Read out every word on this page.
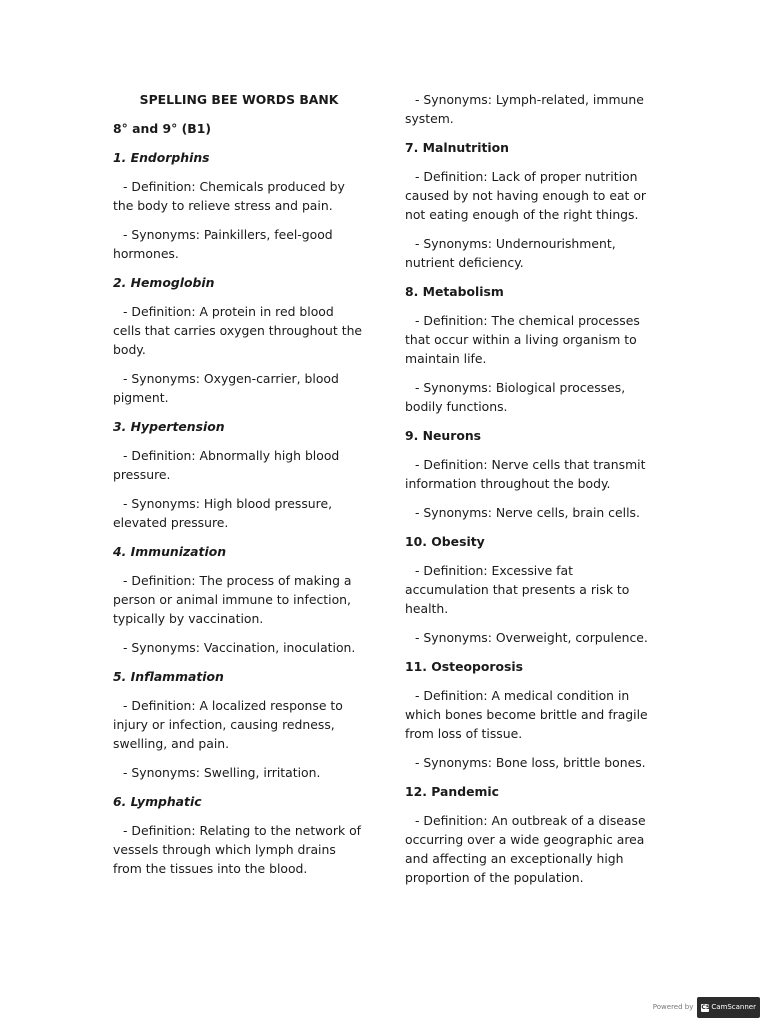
SPELLING BEE WORDS BANK
8° and 9° (B1)
1. Endorphins
- Definition: Chemicals produced by the body to relieve stress and pain.
- Synonyms: Painkillers, feel-good hormones.
2. Hemoglobin
- Definition: A protein in red blood cells that carries oxygen throughout the body.
- Synonyms: Oxygen-carrier, blood pigment.
3. Hypertension
- Definition: Abnormally high blood pressure.
- Synonyms: High blood pressure, elevated pressure.
4. Immunization
- Definition: The process of making a person or animal immune to infection, typically by vaccination.
- Synonyms: Vaccination, inoculation.
5. Inflammation
- Definition: A localized response to injury or infection, causing redness, swelling, and pain.
- Synonyms: Swelling, irritation.
6. Lymphatic
- Definition: Relating to the network of vessels through which lymph drains from the tissues into the blood.
- Synonyms: Lymph-related, immune system.
7. Malnutrition
- Definition: Lack of proper nutrition caused by not having enough to eat or not eating enough of the right things.
- Synonyms: Undernourishment, nutrient deficiency.
8. Metabolism
- Definition: The chemical processes that occur within a living organism to maintain life.
- Synonyms: Biological processes, bodily functions.
9. Neurons
- Definition: Nerve cells that transmit information throughout the body.
- Synonyms: Nerve cells, brain cells.
10. Obesity
- Definition: Excessive fat accumulation that presents a risk to health.
- Synonyms: Overweight, corpulence.
11. Osteoporosis
- Definition: A medical condition in which bones become brittle and fragile from loss of tissue.
- Synonyms: Bone loss, brittle bones.
12. Pandemic
- Definition: An outbreak of a disease occurring over a wide geographic area and affecting an exceptionally high proportion of the population.
Powered by CS CamScanner
